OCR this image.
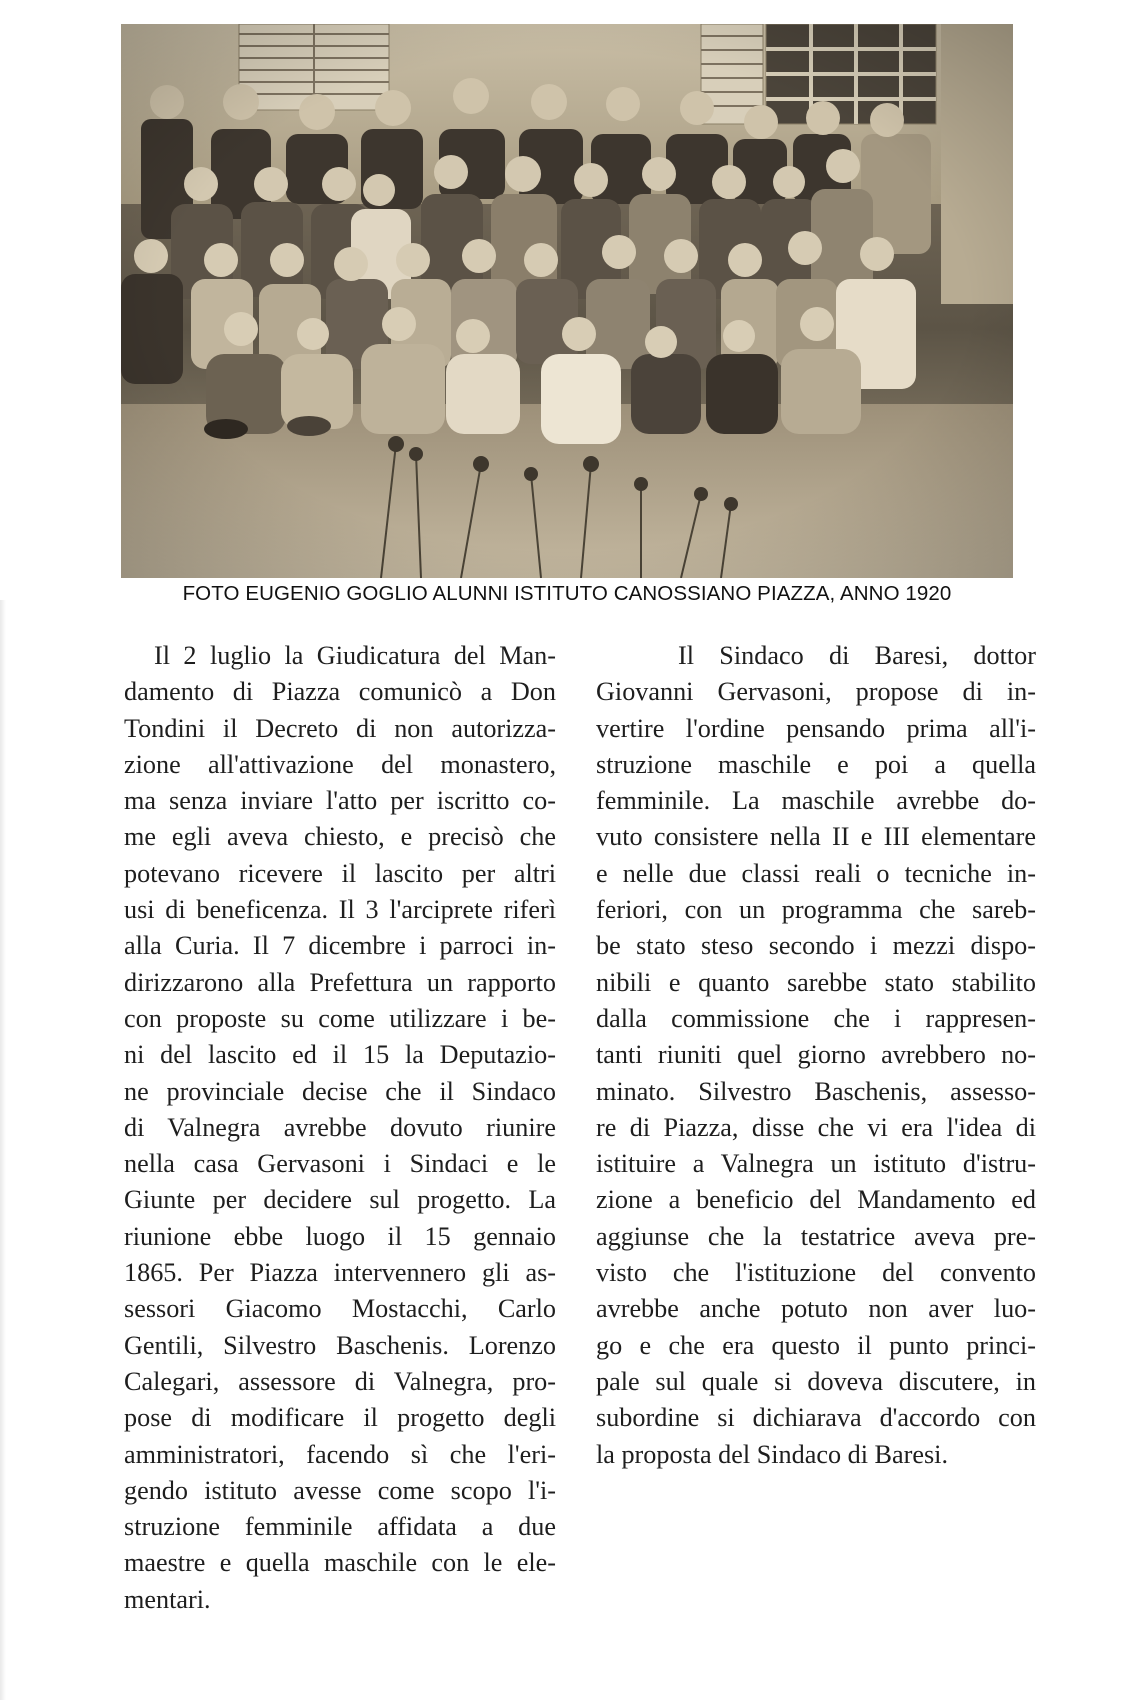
FOTO EUGENIO GOGLIO ALUNNI ISTITUTO CANOSSIANO PIAZZA, ANNO 1920
Il 2 luglio la Giudicatura del Man-
damento di Piazza comunicò a Don
Tondini il Decreto di non autorizza-
zione all'attivazione del monastero,
ma senza inviare l'atto per iscritto co-
me egli aveva chiesto, e precisò che
potevano ricevere il lascito per altri
usi di beneficenza. Il 3 l'arciprete riferì
alla Curia. Il 7 dicembre i parroci in-
dirizzarono alla Prefettura un rapporto
con proposte su come utilizzare i be-
ni del lascito ed il 15 la Deputazio-
ne provinciale decise che il Sindaco
di Valnegra avrebbe dovuto riunire
nella casa Gervasoni i Sindaci e le
Giunte per decidere sul progetto. La
riunione ebbe luogo il 15 gennaio
1865. Per Piazza intervennero gli as-
sessori Giacomo Mostacchi, Carlo
Gentili, Silvestro Baschenis. Lorenzo
Calegari, assessore di Valnegra, pro-
pose di modificare il progetto degli
amministratori, facendo sì che l'eri-
gendo istituto avesse come scopo l'i-
struzione femminile affidata a due
maestre e quella maschile con le ele-
mentari.
Il Sindaco di Baresi, dottor
Giovanni Gervasoni, propose di in-
vertire l'ordine pensando prima all'i-
struzione maschile e poi a quella
femminile. La maschile avrebbe do-
vuto consistere nella II e III elementare
e nelle due classi reali o tecniche in-
feriori, con un programma che sareb-
be stato steso secondo i mezzi dispo-
nibili e quanto sarebbe stato stabilito
dalla commissione che i rappresen-
tanti riuniti quel giorno avrebbero no-
minato. Silvestro Baschenis, assesso-
re di Piazza, disse che vi era l'idea di
istituire a Valnegra un istituto d'istru-
zione a beneficio del Mandamento ed
aggiunse che la testatrice aveva pre-
visto che l'istituzione del convento
avrebbe anche potuto non aver luo-
go e che era questo il punto princi-
pale sul quale si doveva discutere, in
subordine si dichiarava d'accordo con
la proposta del Sindaco di Baresi.
